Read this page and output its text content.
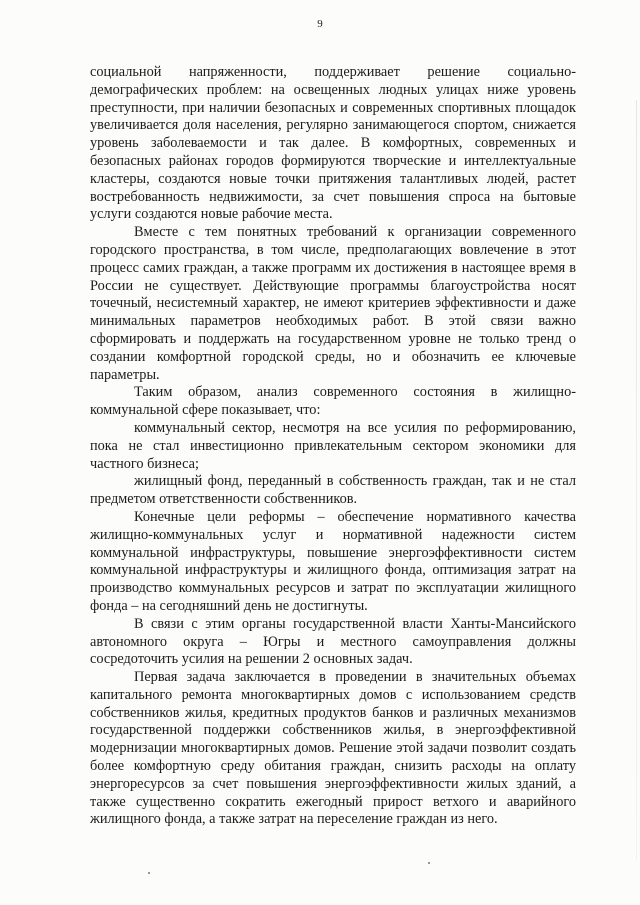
9

социальной напряженности, поддерживает решение социально-демографических проблем: на освещенных людных улицах ниже уровень преступности, при наличии безопасных и современных спортивных площадок увеличивается доля населения, регулярно занимающегося спортом, снижается уровень заболеваемости и так далее. В комфортных, современных и безопасных районах городов формируются творческие и интеллектуальные кластеры, создаются новые точки притяжения талантливых людей, растет востребованность недвижимости, за счет повышения спроса на бытовые услуги создаются новые рабочие места.

Вместе с тем понятных требований к организации современного городского пространства, в том числе, предполагающих вовлечение в этот процесс самих граждан, а также программ их достижения в настоящее время в России не существует. Действующие программы благоустройства носят точечный, несистемный характер, не имеют критериев эффективности и даже минимальных параметров необходимых работ. В этой связи важно сформировать и поддержать на государственном уровне не только тренд о создании комфортной городской среды, но и обозначить ее ключевые параметры.

Таким образом, анализ современного состояния в жилищно-коммунальной сфере показывает, что:

коммунальный сектор, несмотря на все усилия по реформированию, пока не стал инвестиционно привлекательным сектором экономики для частного бизнеса;

жилищный фонд, переданный в собственность граждан, так и не стал предметом ответственности собственников.

Конечные цели реформы – обеспечение нормативного качества жилищно-коммунальных услуг и нормативной надежности систем коммунальной инфраструктуры, повышение энергоэффективности систем коммунальной инфраструктуры и жилищного фонда, оптимизация затрат на производство коммунальных ресурсов и затрат по эксплуатации жилищного фонда – на сегодняшний день не достигнуты.

В связи с этим органы государственной власти Ханты-Мансийского автономного округа – Югры и местного самоуправления должны сосредоточить усилия на решении 2 основных задач.

Первая задача заключается в проведении в значительных объемах капитального ремонта многоквартирных домов с использованием средств собственников жилья, кредитных продуктов банков и различных механизмов государственной поддержки собственников жилья, в энергоэффективной модернизации многоквартирных домов. Решение этой задачи позволит создать более комфортную среду обитания граждан, снизить расходы на оплату энергоресурсов за счет повышения энергоэффективности жилых зданий, а также существенно сократить ежегодный прирост ветхого и аварийного жилищного фонда, а также затрат на переселение граждан из него.
